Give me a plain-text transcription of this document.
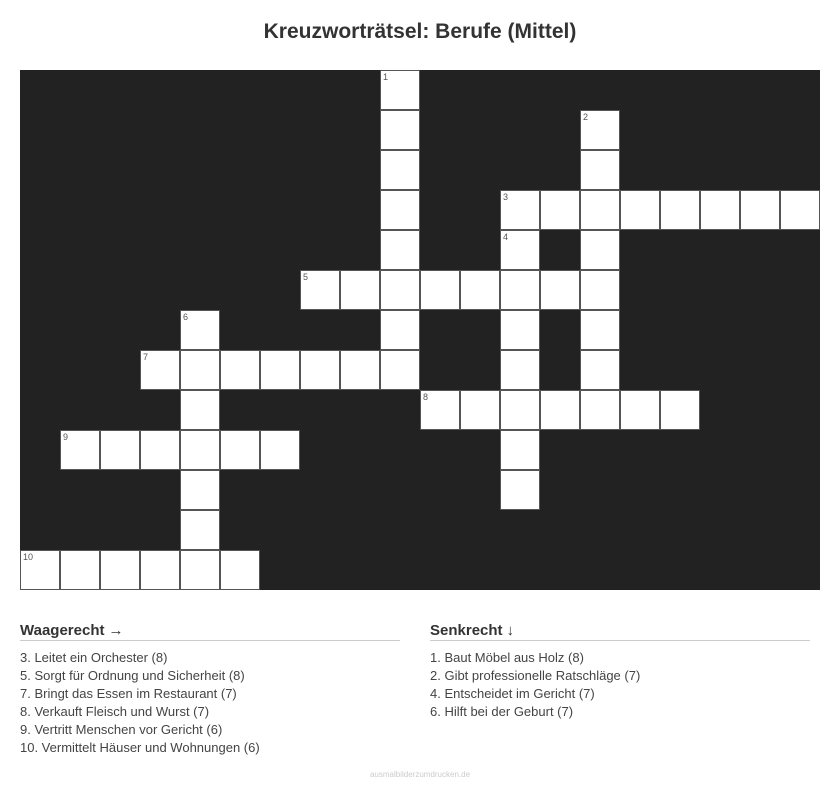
Kreuzworträtsel: Berufe (Mittel)
1
2
3
4
5
6
7
8
9
10
Waagerecht →
3. Leitet ein Orchester (8)
5. Sorgt für Ordnung und Sicherheit (8)
7. Bringt das Essen im Restaurant (7)
8. Verkauft Fleisch und Wurst (7)
9. Vertritt Menschen vor Gericht (6)
10. Vermittelt Häuser und Wohnungen (6)
Senkrecht ↓
1. Baut Möbel aus Holz (8)
2. Gibt professionelle Ratschläge (7)
4. Entscheidet im Gericht (7)
6. Hilft bei der Geburt (7)
ausmalbilderzumdrucken.de
